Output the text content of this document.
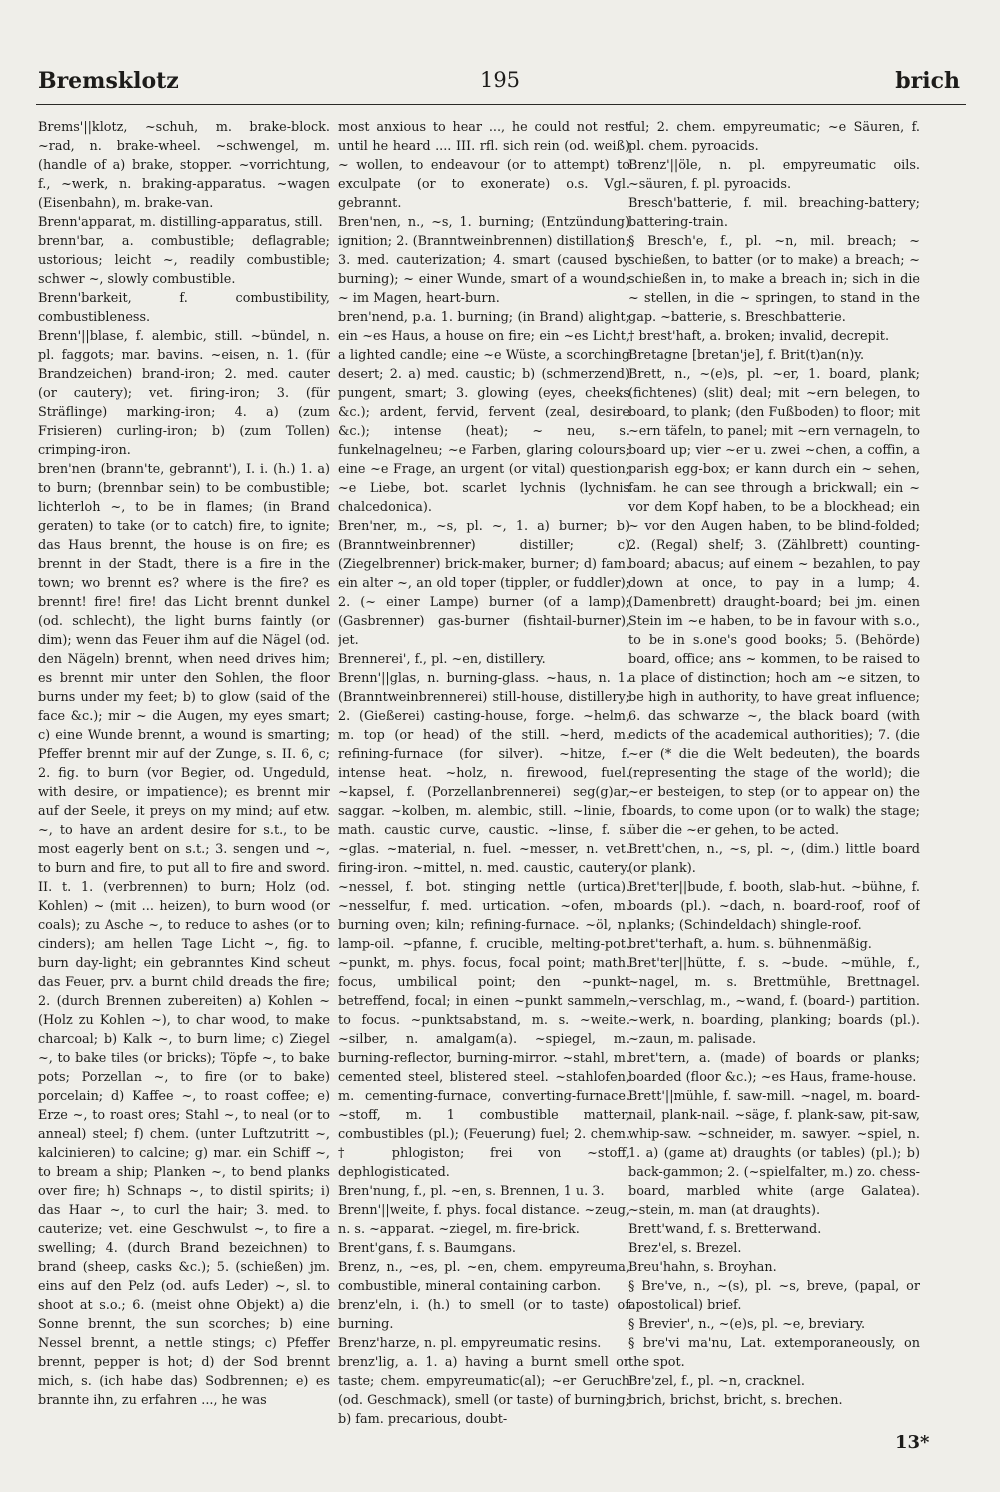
Bremsklotz	195	brich

Brems'||klotz, ~schuh, m. brake-block. ~rad, n. brake-wheel. ~schwengel, m. (handle of a) brake, stopper. ~vorrichtung, f., ~werk, n. braking-apparatus. ~wagen (Eisenbahn), m. brake-van.

Brenn'apparat, m. distilling-apparatus, still.

brenn'bar, a. combustible; deflagrable; ustorious; leicht ~, readily combustible; schwer ~, slowly combustible.

Brenn'barkeit, f. combustibility, combustibleness.

Brenn'||blase, f. alembic, still. ~bündel, n. pl. faggots; mar. bavins. ~eisen, n. 1. (für Brandzeichen) brand-iron; 2. med. cauter (or cautery); vet. firing-iron; 3. (für Sträflinge) marking-iron; 4. a) (zum Frisieren) curling-iron; b) (zum Tollen) crimping-iron.

bren'nen (brann'te, gebrannt'), I. i. (h.) 1. a) to burn; (brennbar sein) to be combustible; lichterloh ~, to be in flames; (in Brand geraten) to take (or to catch) fire, to ignite; das Haus brennt, the house is on fire; es brennt in der Stadt, there is a fire in the town; wo brennt es? where is the fire? es brennt! fire! fire! das Licht brennt dunkel (od. schlecht), the light burns faintly (or dim); wenn das Feuer ihm auf die Nägel (od. den Nägeln) brennt, when need drives him; es brennt mir unter den Sohlen, the floor burns under my feet; b) to glow (said of the face &c.); mir ~ die Augen, my eyes smart; c) eine Wunde brennt, a wound is smarting; Pfeffer brennt mir auf der Zunge, s. II. 6, c; 2. fig. to burn (vor Begier, od. Ungeduld, with desire, or impatience); es brennt mir auf der Seele, it preys on my mind; auf etw. ~, to have an ardent desire for s.t., to be most eagerly bent on s.t.; 3. sengen und ~, to burn and fire, to put all to fire and sword. II. t. 1. (verbrennen) to burn; Holz (od. Kohlen) ~ (mit ... heizen), to burn wood (or coals); zu Asche ~, to reduce to ashes (or to cinders); am hellen Tage Licht ~, fig. to burn day-light; ein gebranntes Kind scheut das Feuer, prv. a burnt child dreads the fire; 2. (durch Brennen zubereiten) a) Kohlen ~ (Holz zu Kohlen ~), to char wood, to make charcoal; b) Kalk ~, to burn lime; c) Ziegel ~, to bake tiles (or bricks); Töpfe ~, to bake pots; Porzellan ~, to fire (or to bake) porcelain; d) Kaffee ~, to roast coffee; e) Erze ~, to roast ores; Stahl ~, to neal (or to anneal) steel; f) chem. (unter Luftzutritt ~, kalcinieren) to calcine; g) mar. ein Schiff ~, to bream a ship; Planken ~, to bend planks over fire; h) Schnaps ~, to distil spirits; i) das Haar ~, to curl the hair; 3. med. to cauterize; vet. eine Geschwulst ~, to fire a swelling; 4. (durch Brand bezeichnen) to brand (sheep, casks &c.); 5. (schießen) jm. eins auf den Pelz (od. aufs Leder) ~, sl. to shoot at s.o.; 6. (meist ohne Objekt) a) die Sonne brennt, the sun scorches; b) eine Nessel brennt, a nettle stings; c) Pfeffer brennt, pepper is hot; d) der Sod brennt mich, s. (ich habe das) Sodbrennen; e) es brannte ihn, zu erfahren ..., he was

most anxious to hear ..., he could not rest until he heard .... III. rfl. sich rein (od. weiß) ~ wollen, to endeavour (or to attempt) to exculpate (or to exonerate) o.s. Vgl. gebrannt.

Bren'nen, n., ~s, 1. burning; (Entzündung) ignition; 2. (Branntweinbrennen) distillation; 3. med. cauterization; 4. smart (caused by burning); ~ einer Wunde, smart of a wound; ~ im Magen, heart-burn.

bren'nend, p.a. 1. burning; (in Brand) alight; ein ~es Haus, a house on fire; ein ~es Licht, a lighted candle; eine ~e Wüste, a scorching desert; 2. a) med. caustic; b) (schmerzend) pungent, smart; 3. glowing (eyes, cheeks &c.); ardent, fervid, fervent (zeal, desire &c.); intense (heat); ~ neu, s. funkelnagelneu; ~e Farben, glaring colours; eine ~e Frage, an urgent (or vital) question; ~e Liebe, bot. scarlet lychnis (lychnis chalcedonica).

Bren'ner, m., ~s, pl. ~, 1. a) burner; b) (Branntweinbrenner) distiller; c) (Ziegelbrenner) brick-maker, burner; d) fam. ein alter ~, an old toper (tippler, or fuddler); 2. (~ einer Lampe) burner (of a lamp); (Gasbrenner) gas-burner (fishtail-burner), jet.

Brennerei', f., pl. ~en, distillery.

Brenn'||glas, n. burning-glass. ~haus, n. 1. (Branntweinbrennerei) still-house, distillery; 2. (Gießerei) casting-house, forge. ~helm, m. top (or head) of the still. ~herd, m. refining-furnace (for silver). ~hitze, f. intense heat. ~holz, n. firewood, fuel. ~kapsel, f. (Porzellanbrennerei) seg(g)ar, saggar. ~kolben, m. alembic, still. ~linie, f. math. caustic curve, caustic. ~linse, f. s. ~glas. ~material, n. fuel. ~messer, n. vet. firing-iron. ~mittel, n. med. caustic, cautery. ~nessel, f. bot. stinging nettle (urtica). ~nesselfur, f. med. urtication. ~ofen, m. burning oven; kiln; refining-furnace. ~öl, n. lamp-oil. ~pfanne, f. crucible, melting-pot. ~punkt, m. phys. focus, focal point; math. focus, umbilical point; den ~punkt betreffend, focal; in einen ~punkt sammeln, to focus. ~punktsabstand, m. s. ~weite. ~silber, n. amalgam(a). ~spiegel, m. burning-reflector, burning-mirror. ~stahl, m. cemented steel, blistered steel. ~stahlofen, m. cementing-furnace, converting-furnace. ~stoff, m. 1 combustible matter, combustibles (pl.); (Feuerung) fuel; 2. chem. † phlogiston; frei von ~stoff, dephlogisticated.

Bren'nung, f., pl. ~en, s. Brennen, 1 u. 3.

Brenn'||weite, f. phys. focal distance. ~zeug, n. s. ~apparat. ~ziegel, m. fire-brick.

Brent'gans, f. s. Baumgans.

Brenz, n., ~es, pl. ~en, chem. empyreuma, combustible, mineral containing carbon.

brenz'eln, i. (h.) to smell (or to taste) of burning.

Brenz'harze, n. pl. empyreumatic resins.

brenz'lig, a. 1. a) having a burnt smell or taste; chem. empyreumatic(al); ~er Geruch (od. Geschmack), smell (or taste) of burning; b) fam. precarious, doubt-

ful; 2. chem. empyreumatic; ~e Säuren, f. pl. chem. pyroacids.

Brenz'||öle, n. pl. empyreumatic oils. ~säuren, f. pl. pyroacids.

Bresch'batterie, f. mil. breaching-battery; battering-train.

§ Bresch'e, f., pl. ~n, mil. breach; ~ schießen, to batter (or to make) a breach; ~ schießen in, to make a breach in; sich in die ~ stellen, in die ~ springen, to stand in the gap. ~batterie, s. Breschbatterie.

† brest'haft, a. broken; invalid, decrepit.

Bretagne [bretan'je], f. Brit(t)an(n)y.

Brett, n., ~(e)s, pl. ~er, 1. board, plank; (fichtenes) (slit) deal; mit ~ern belegen, to board, to plank; (den Fußboden) to floor; mit ~ern täfeln, to panel; mit ~ern vernageln, to board up; vier ~er u. zwei ~chen, a coffin, a parish egg-box; er kann durch ein ~ sehen, fam. he can see through a brickwall; ein ~ vor dem Kopf haben, to be a blockhead; ein ~ vor den Augen haben, to be blind-folded; 2. (Regal) shelf; 3. (Zählbrett) counting-board; abacus; auf einem ~ bezahlen, to pay down at once, to pay in a lump; 4. (Damenbrett) draught-board; bei jm. einen Stein im ~e haben, to be in favour with s.o., to be in s.one's good books; 5. (Behörde) board, office; ans ~ kommen, to be raised to a place of distinction; hoch am ~e sitzen, to be high in authority, to have great influence; 6. das schwarze ~, the black board (with edicts of the academical authorities); 7. (die ~er (* die die Welt bedeuten), the boards (representing the stage of the world); die ~er besteigen, to step (or to appear on) the boards, to come upon (or to walk) the stage; über die ~er gehen, to be acted.

Brett'chen, n., ~s, pl. ~, (dim.) little board (or plank).

Bret'ter||bude, f. booth, slab-hut. ~bühne, f. boards (pl.). ~dach, n. board-roof, roof of planks; (Schindeldach) shingle-roof.

bret'terhaft, a. hum. s. bühnenmäßig.

Bret'ter||hütte, f. s. ~bude. ~mühle, f., ~nagel, m. s. Brettmühle, Brettnagel. ~verschlag, m., ~wand, f. (board-) partition. ~werk, n. boarding, planking; boards (pl.). ~zaun, m. palisade.

bret'tern, a. (made) of boards or planks; boarded (floor &c.); ~es Haus, frame-house.

Brett'||mühle, f. saw-mill. ~nagel, m. board-nail, plank-nail. ~säge, f. plank-saw, pit-saw, whip-saw. ~schneider, m. sawyer. ~spiel, n. 1. a) (game at) draughts (or tables) (pl.); b) back-gammon; 2. (~spielfalter, m.) zo. chess-board, marbled white (arge Galatea). ~stein, m. man (at draughts).

Brett'wand, f. s. Bretterwand.

Brez'el, s. Brezel.

Breu'hahn, s. Broyhan.

§ Bre've, n., ~(s), pl. ~s, breve, (papal, or apostolical) brief.

§ Brevier', n., ~(e)s, pl. ~e, breviary.

§ bre'vi ma'nu, Lat. extemporaneously, on the spot.

Bre'zel, f., pl. ~n, cracknel.

brich, brichst, bricht, s. brechen.

13*
